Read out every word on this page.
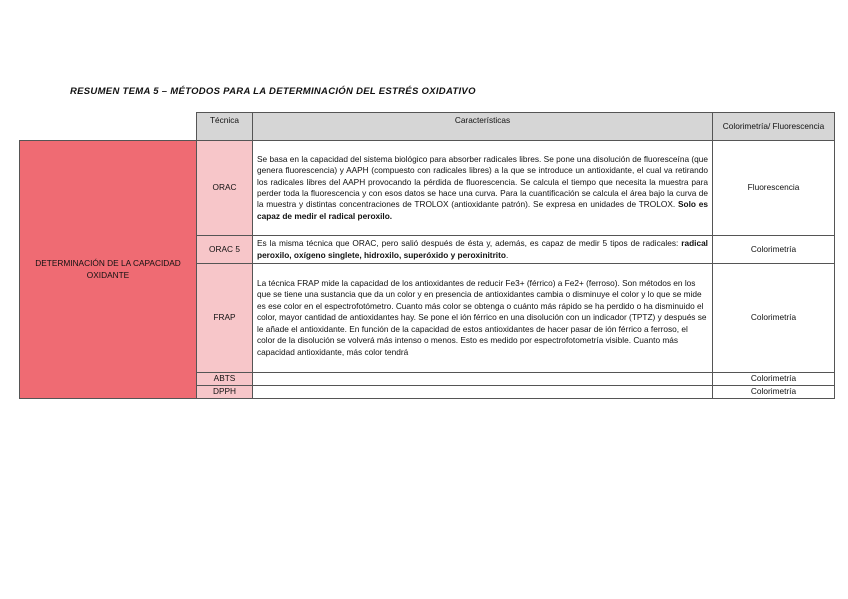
RESUMEN TEMA 5 – MÉTODOS PARA LA DETERMINACIÓN DEL ESTRÉS OXIDATIVO
	Técnica	Características	Colorimetría/ Fluorescencia
DETERMINACIÓN DE LA CAPACIDAD OXIDANTE	ORAC	Se basa en la capacidad del sistema biológico para absorber radicales libres. Se pone una disolución de fluoresceína (que genera fluorescencia) y AAPH (compuesto con radicales libres) a la que se introduce un antioxidante, el cual va retirando los radicales libres del AAPH provocando la pérdida de fluorescencia. Se calcula el tiempo que necesita la muestra para perder toda la fluorescencia y con esos datos se hace una curva. Para la cuantificación se calcula el área bajo la curva de la muestra y distintas concentraciones de TROLOX (antioxidante patrón). Se expresa en unidades de TROLOX. Solo es capaz de medir el radical peroxilo.	Fluorescencia
	ORAC 5	Es la misma técnica que ORAC, pero salió después de ésta y, además, es capaz de medir 5 tipos de radicales: radical peroxilo, oxígeno singlete, hidroxilo, superóxido y peroxinitrito.	Colorimetría
	FRAP	La técnica FRAP mide la capacidad de los antioxidantes de reducir Fe3+ (férrico) a Fe2+ (ferroso). Son métodos en los que se tiene una sustancia que da un color y en presencia de antioxidantes cambia o disminuye el color y lo que se mide es ese color en el espectrofotómetro. Cuanto más color se obtenga o cuánto más rápido se ha perdido o ha disminuido el color, mayor cantidad de antioxidantes hay. Se pone el ión férrico en una disolución con un indicador (TPTZ) y después se le añade el antioxidante. En función de la capacidad de estos antioxidantes de hacer pasar de ión férrico a ferroso, el color de la disolución se volverá más intenso o menos. Esto es medido por espectrofotometría visible. Cuanto más capacidad antioxidante, más color tendrá	Colorimetría
	ABTS		Colorimetría
	DPPH		Colorimetría
